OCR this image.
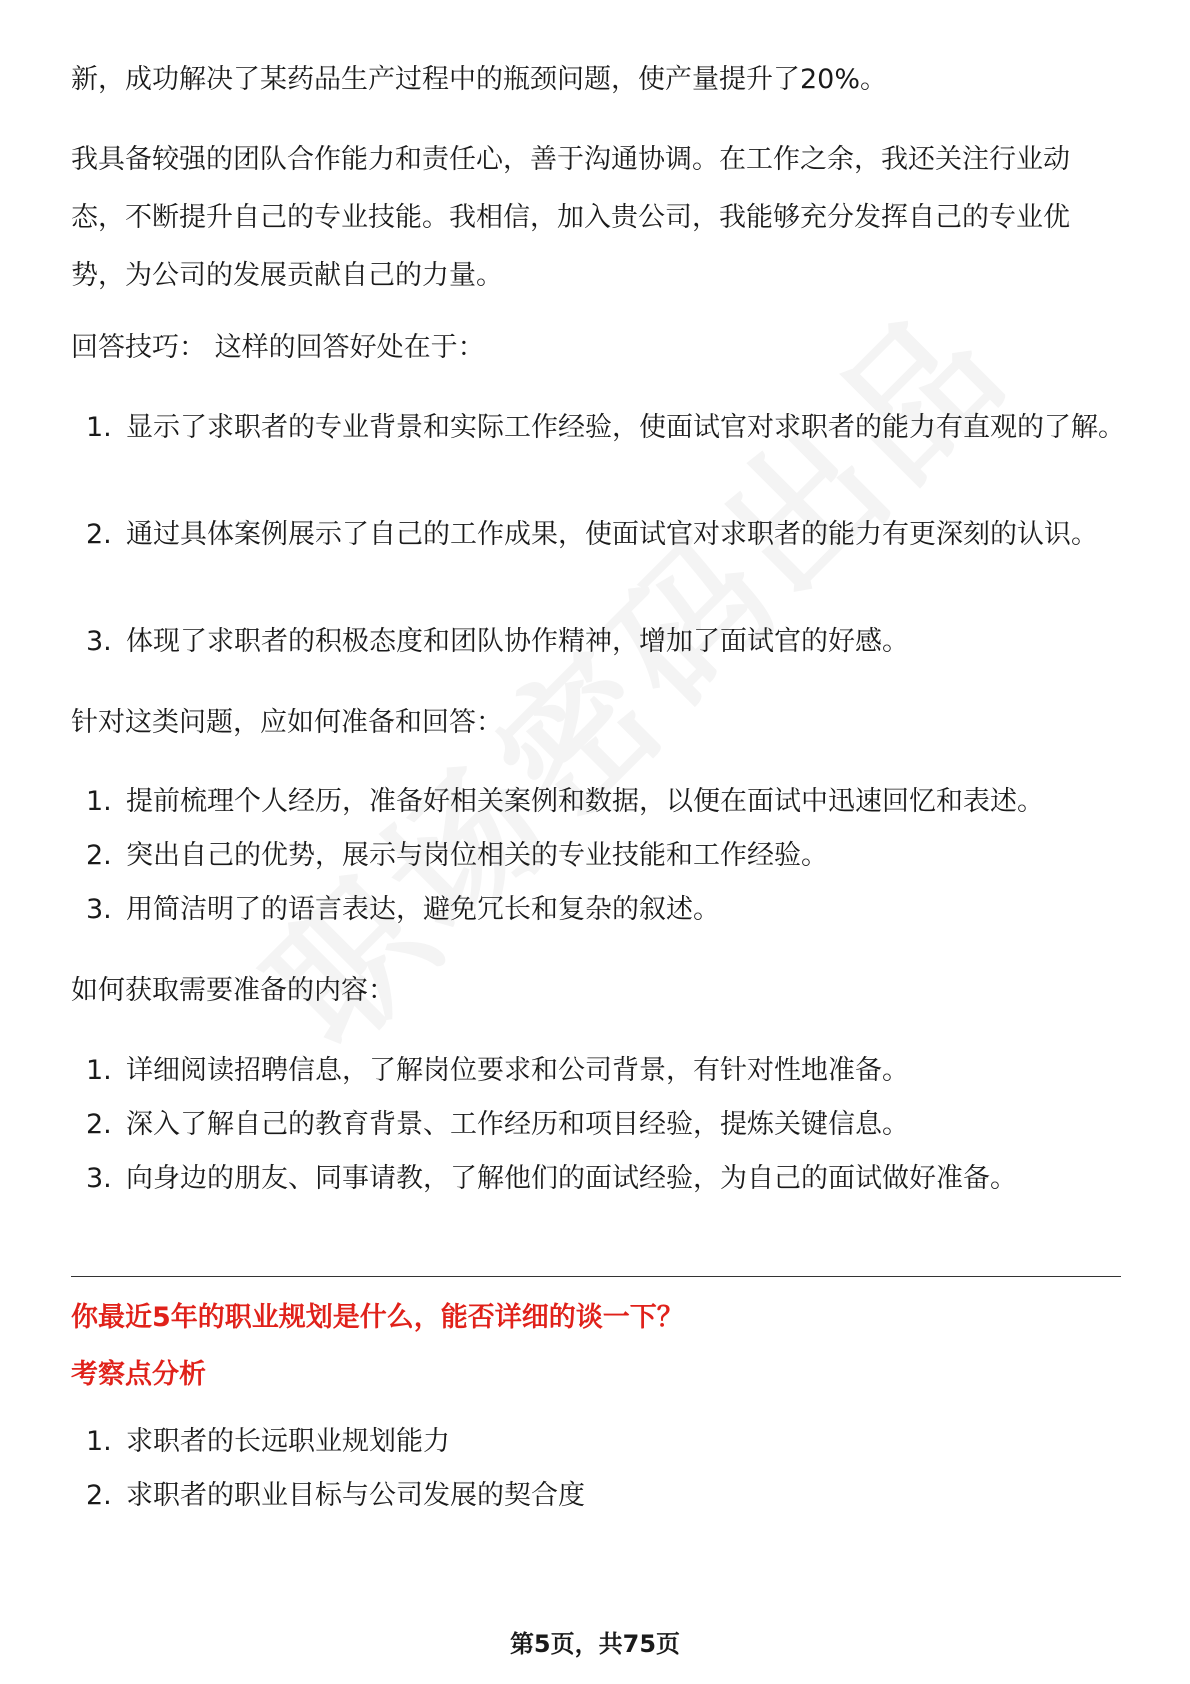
新，成功解决了某药品生产过程中的瓶颈问题，使产量提升了20%。

我具备较强的团队合作能力和责任心，善于沟通协调。在工作之余，我还关注行业动态，不断提升自己的专业技能。我相信，加入贵公司，我能够充分发挥自己的专业优势，为公司的发展贡献自己的力量。

回答技巧： 这样的回答好处在于：

1. 显示了求职者的专业背景和实际工作经验，使面试官对求职者的能力有直观的了解。
2. 通过具体案例展示了自己的工作成果，使面试官对求职者的能力有更深刻的认识。
3. 体现了求职者的积极态度和团队协作精神，增加了面试官的好感。

针对这类问题，应如何准备和回答：

1. 提前梳理个人经历，准备好相关案例和数据，以便在面试中迅速回忆和表述。
2. 突出自己的优势，展示与岗位相关的专业技能和工作经验。
3. 用简洁明了的语言表达，避免冗长和复杂的叙述。

如何获取需要准备的内容：

1. 详细阅读招聘信息，了解岗位要求和公司背景，有针对性地准备。
2. 深入了解自己的教育背景、工作经历和项目经验，提炼关键信息。
3. 向身边的朋友、同事请教，了解他们的面试经验，为自己的面试做好准备。
你最近5年的职业规划是什么，能否详细的谈一下？
考察点分析
1. 求职者的长远职业规划能力
2. 求职者的职业目标与公司发展的契合度
第5页，共75页
